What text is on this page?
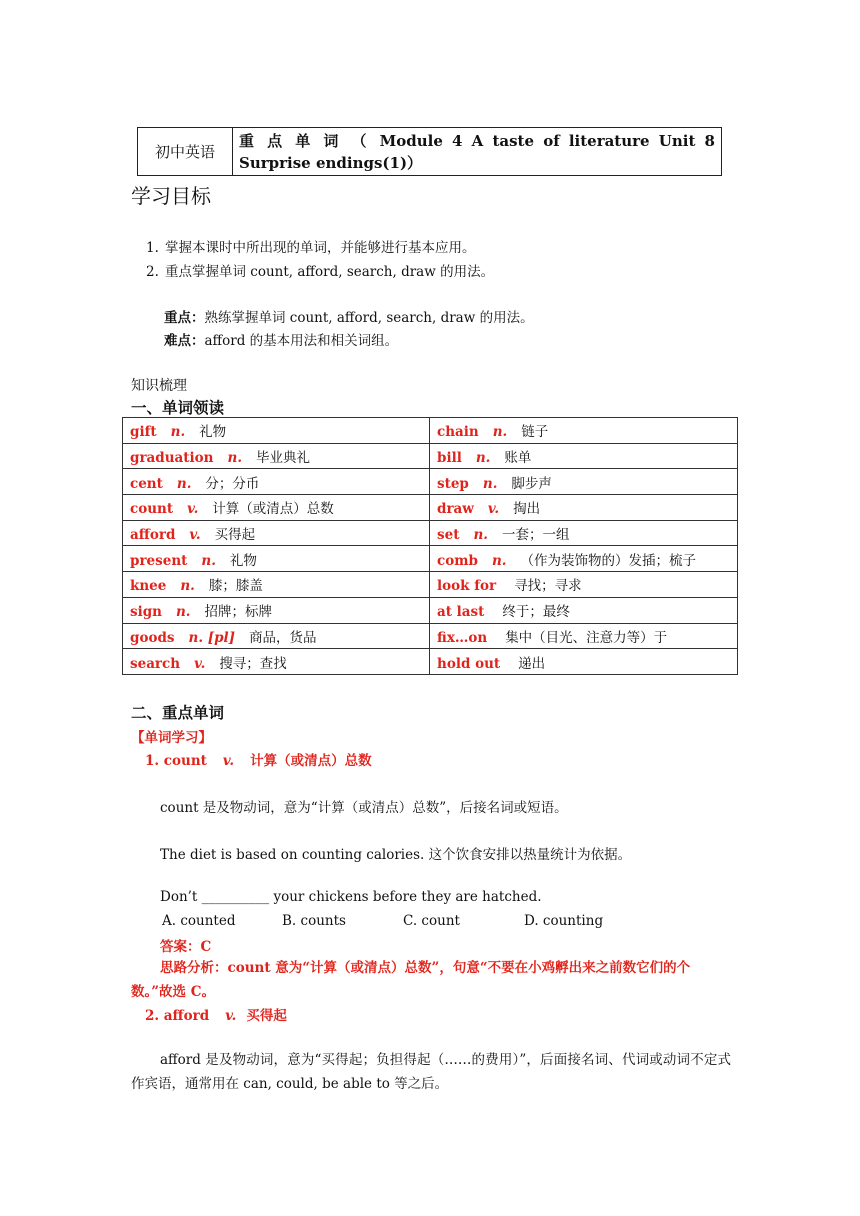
初中英语	
重 点 单 词 （ Module 4 A taste of literature Unit 8 Surprise endings(1)）
学习目标
1. 掌握本课时中所出现的单词，并能够进行基本应用。
2. 重点掌握单词 count, afford, search, draw 的用法。
重点：熟练掌握单词 count, afford, search, draw 的用法。
难点：afford 的基本用法和相关词组。
知识梳理
一、单词领读
gift n. 礼物	chain n. 链子
graduation n. 毕业典礼	bill n. 账单
cent n. 分；分币	step n. 脚步声
count v. 计算（或清点）总数	draw v. 掏出
afford v. 买得起	set n. 一套；一组
present n. 礼物	comb n. （作为装饰物的）发插；梳子
knee n. 膝；膝盖	look for 寻找；寻求
sign n. 招牌；标牌	at last 终于；最终
goods n. [pl] 商品，货品	fix…on 集中（目光、注意力等）于
search v. 搜寻；查找	hold out 递出
二、重点单词
【单词学习】
1. count v. 计算（或清点）总数
count 是及物动词，意为“计算（或清点）总数”，后接名词或短语。
The diet is based on counting calories. 这个饮食安排以热量统计为依据。
Don’t __________ your chickens before they are hatched.
A. counted	B. counts	C. count	D. counting
答案：C
思路分析：count 意为“计算（或清点）总数”，句意“不要在小鸡孵出来之前数它们的个数。”故选 C。
2. afford v. 买得起
afford 是及物动词，意为“买得起；负担得起（……的费用）”，后面接名词、代词或动词不定式作宾语，通常用在 can, could, be able to 等之后。
